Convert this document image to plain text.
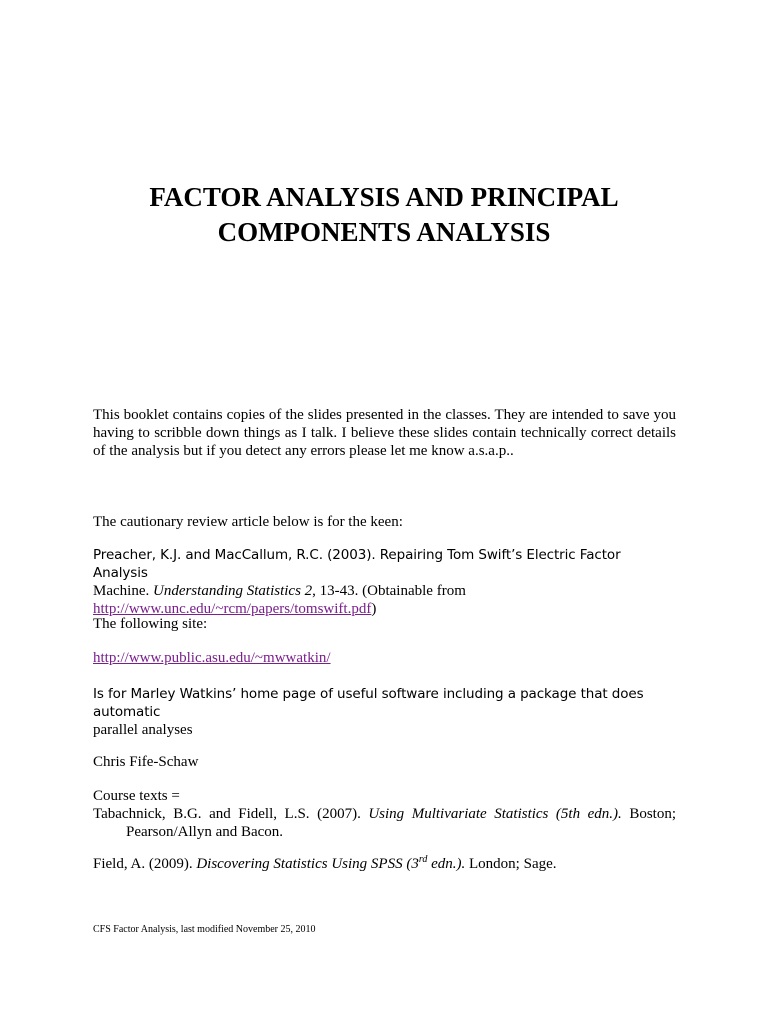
FACTOR ANALYSIS AND PRINCIPAL
COMPONENTS ANALYSIS

This booklet contains copies of the slides presented in the classes. They are intended to save you having to scribble down things as I talk. I believe these slides contain technically correct details of the analysis but if you detect any errors please let me know a.s.a.p..

The cautionary review article below is for the keen:

Preacher, K.J. and MacCallum, R.C. (2003). Repairing Tom Swift’s Electric Factor Analysis
Machine. Understanding Statistics 2, 13-43. (Obtainable from
http://www.unc.edu/~rcm/papers/tomswift.pdf)

The following site:

http://www.public.asu.edu/~mwwatkin/

Is for Marley Watkins’ home page of useful software including a package that does automatic
parallel analyses

Chris Fife-Schaw

Course texts =

Tabachnick, B.G. and Fidell, L.S. (2007). Using Multivariate Statistics (5th edn.). Boston;
Pearson/Allyn and Bacon.

Field, A. (2009). Discovering Statistics Using SPSS (3rd edn.). London; Sage.

CFS Factor Analysis, last modified November 25, 2010
